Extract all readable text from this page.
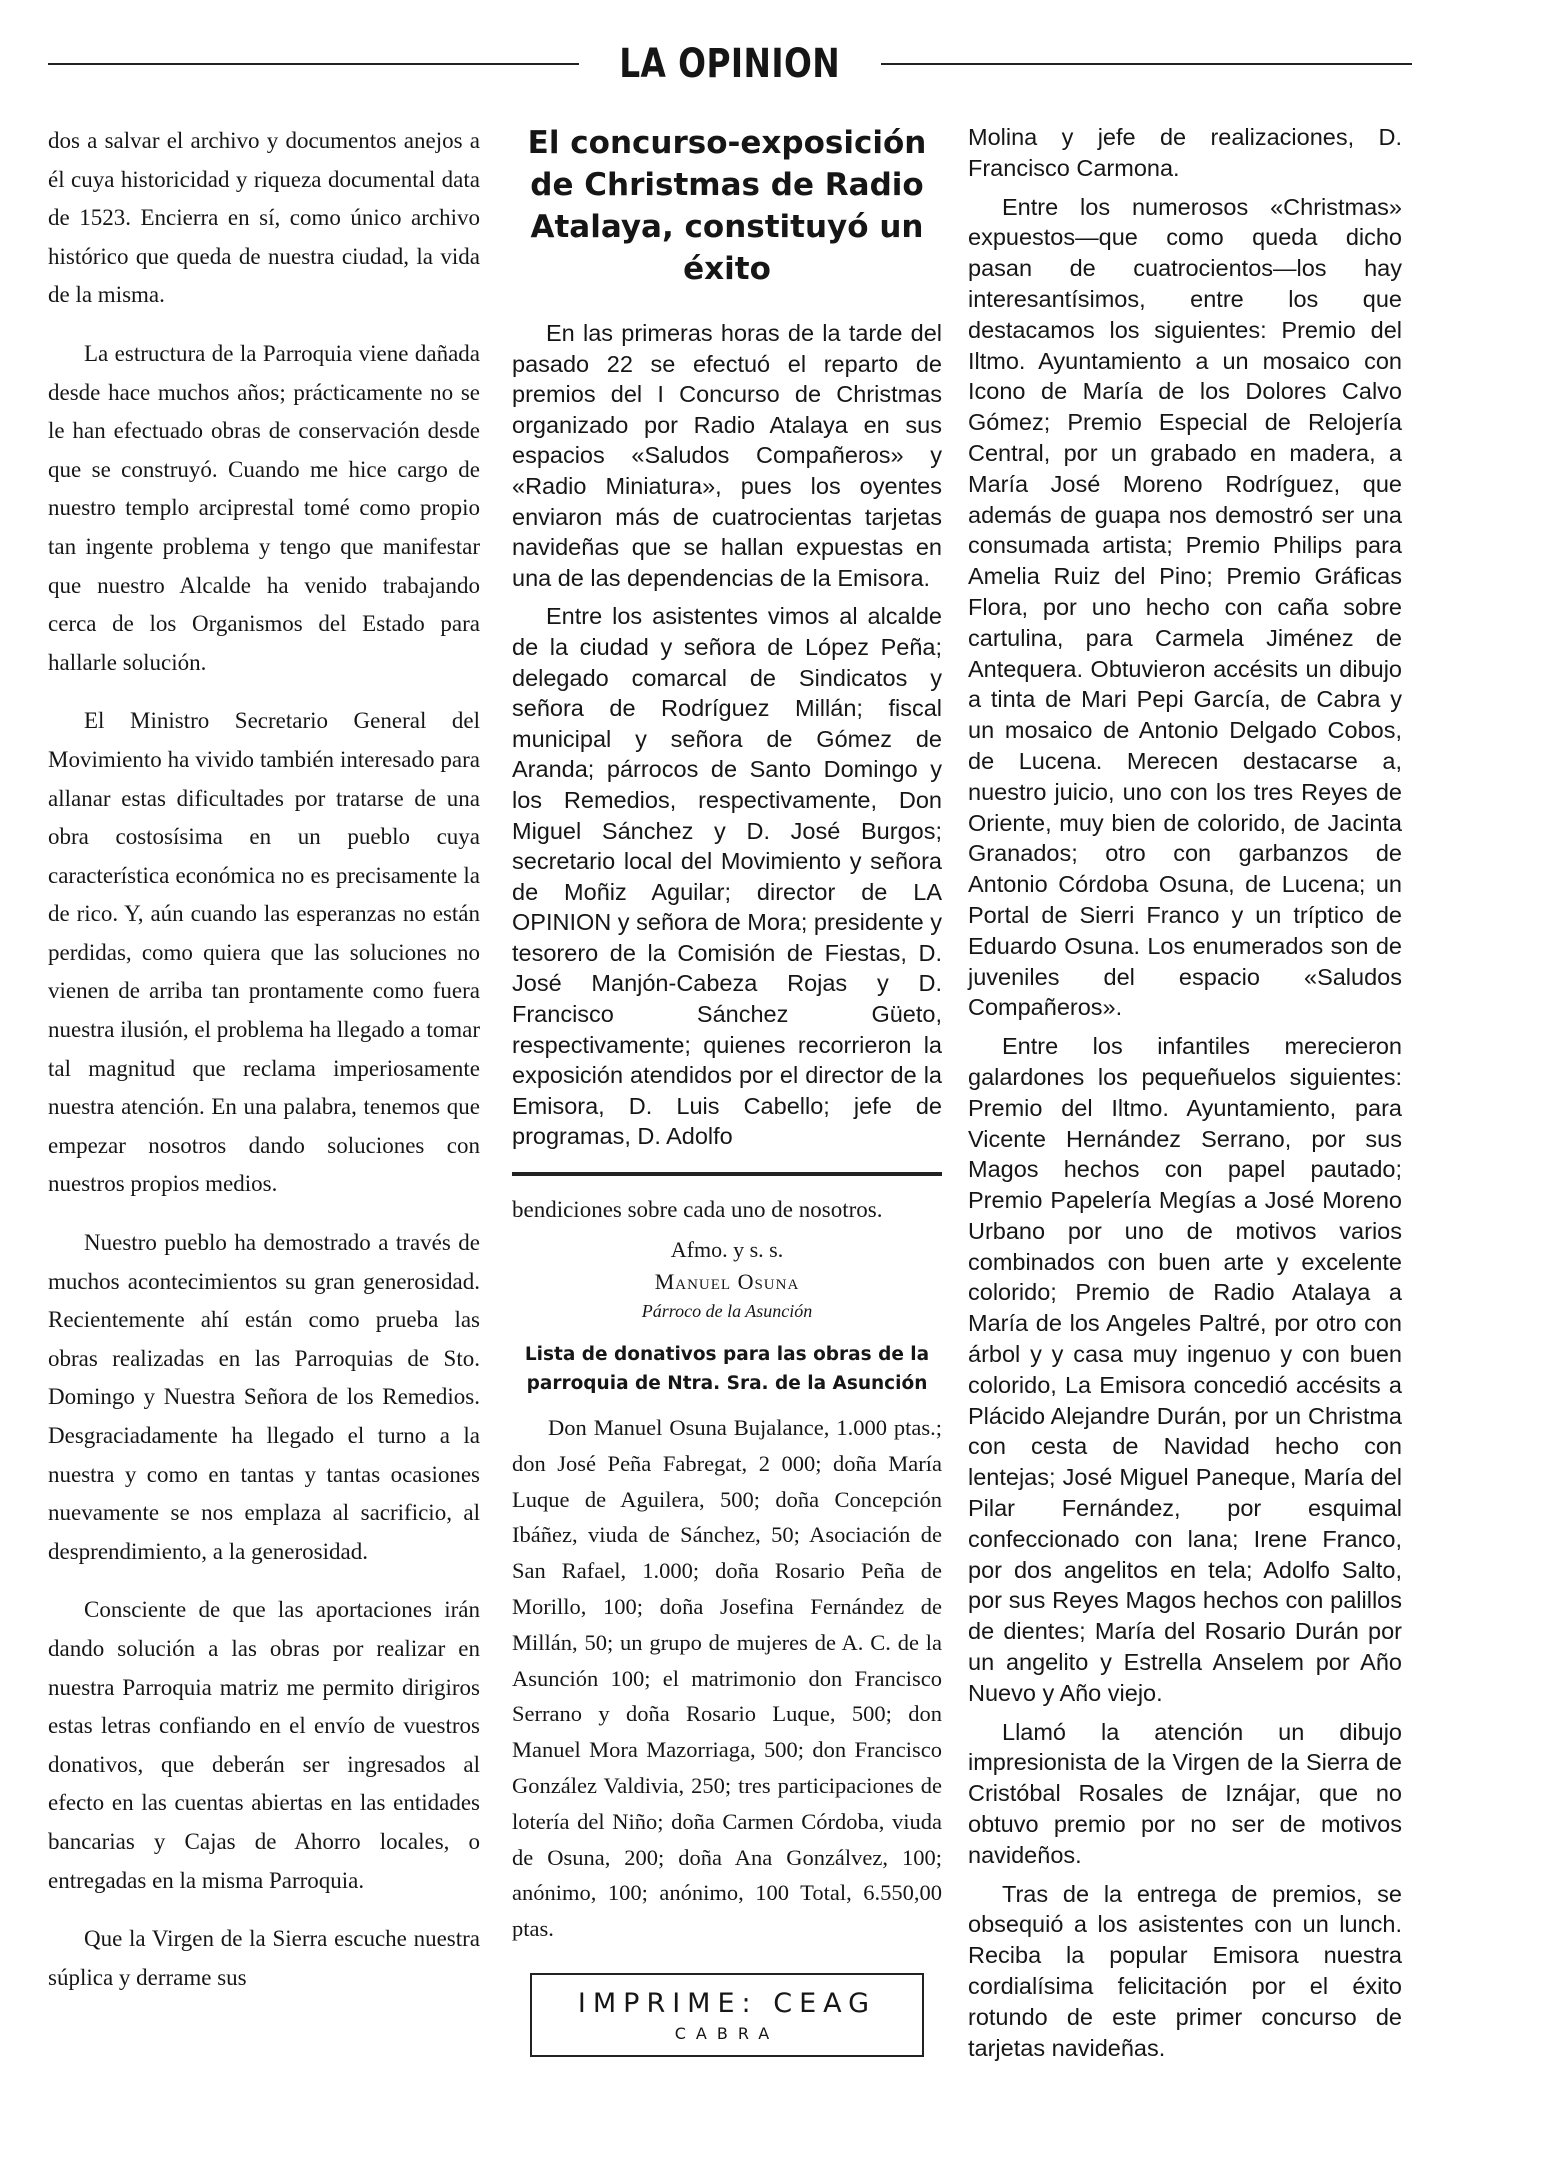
LA OPINION

dos a salvar el archivo y documentos anejos a él cuya historicidad y riqueza documental data de 1523. Encierra en sí, como único archivo histórico que queda de nuestra ciudad, la vida de la misma.

La estructura de la Parroquia viene dañada desde hace muchos años; prácticamente no se le han efectuado obras de conservación desde que se construyó. Cuando me hice cargo de nuestro templo arciprestal tomé como propio tan ingente problema y tengo que manifestar que nuestro Alcalde ha venido trabajando cerca de los Organismos del Estado para hallarle solución.

El Ministro Secretario General del Movimiento ha vivido también interesado para allanar estas dificultades por tratarse de una obra costosísima en un pueblo cuya característica económica no es precisamente la de rico. Y, aún cuando las esperanzas no están perdidas, como quiera que las soluciones no vienen de arriba tan prontamente como fuera nuestra ilusión, el problema ha llegado a tomar tal magnitud que reclama imperiosamente nuestra atención. En una palabra, tenemos que empezar nosotros dando soluciones con nuestros propios medios.

Nuestro pueblo ha demostrado a través de muchos acontecimientos su gran generosidad. Recientemente ahí están como prueba las obras realizadas en las Parroquias de Sto. Domingo y Nuestra Señora de los Remedios. Desgraciadamente ha llegado el turno a la nuestra y como en tantas y tantas ocasiones nuevamente se nos emplaza al sacrificio, al desprendimiento, a la generosidad.

Consciente de que las aportaciones irán dando solución a las obras por realizar en nuestra Parroquia matriz me permito dirigiros estas letras confiando en el envío de vuestros donativos, que deberán ser ingresados al efecto en las cuentas abiertas en las entidades bancarias y Cajas de Ahorro locales, o entregadas en la misma Parroquia.

Que la Virgen de la Sierra escuche nuestra súplica y derrame sus

El concurso-exposición de Christmas de Radio Atalaya, constituyó un éxito

En las primeras horas de la tarde del pasado 22 se efectuó el reparto de premios del I Concurso de Christmas organizado por Radio Atalaya en sus espacios «Saludos Compañeros» y «Radio Miniatura», pues los oyentes enviaron más de cuatrocientas tarjetas navideñas que se hallan expuestas en una de las dependencias de la Emisora.

Entre los asistentes vimos al alcalde de la ciudad y señora de López Peña; delegado comarcal de Sindicatos y señora de Rodríguez Millán; fiscal municipal y señora de Gómez de Aranda; párrocos de Santo Domingo y los Remedios, respectivamente, Don Miguel Sánchez y D. José Burgos; secretario local del Movimiento y señora de Moñiz Aguilar; director de LA OPINION y señora de Mora; presidente y tesorero de la Comisión de Fiestas, D. José Manjón-Cabeza Rojas y D. Francisco Sánchez Güeto, respectivamente; quienes recorrieron la exposición atendidos por el director de la Emisora, D. Luis Cabello; jefe de programas, D. Adolfo

bendiciones sobre cada uno de nosotros.

Afmo. y s. s.
Manuel Osuna
Párroco de la Asunción
Lista de donativos para las obras de la parroquia de Ntra. Sra. de la Asunción

Don Manuel Osuna Bujalance, 1.000 ptas.; don José Peña Fabregat, 2 000; doña María Luque de Aguilera, 500; doña Concepción Ibáñez, viuda de Sánchez, 50; Asociación de San Rafael, 1.000; doña Rosario Peña de Morillo, 100; doña Josefina Fernández de Millán, 50; un grupo de mujeres de A. C. de la Asunción 100; el matrimonio don Francisco Serrano y doña Rosario Luque, 500; don Manuel Mora Mazorriaga, 500; don Francisco González Valdivia, 250; tres participaciones de lotería del Niño; doña Carmen Córdoba, viuda de Osuna, 200; doña Ana Gonzálvez, 100; anónimo, 100; anónimo, 100 Total, 6.550,00 ptas.

IMPRIME: CEAG
CABRA

Molina y jefe de realizaciones, D. Francisco Carmona.

Entre los numerosos «Christmas» expuestos—que como queda dicho pasan de cuatrocientos—los hay interesantísimos, entre los que destacamos los siguientes: Premio del Iltmo. Ayuntamiento a un mosaico con Icono de María de los Dolores Calvo Gómez; Premio Especial de Relojería Central, por un grabado en madera, a María José Moreno Rodríguez, que además de guapa nos demostró ser una consumada artista; Premio Philips para Amelia Ruiz del Pino; Premio Gráficas Flora, por uno hecho con caña sobre cartulina, para Carmela Jiménez de Antequera. Obtuvieron accésits un dibujo a tinta de Mari Pepi García, de Cabra y un mosaico de Antonio Delgado Cobos, de Lucena. Merecen destacarse a, nuestro juicio, uno con los tres Reyes de Oriente, muy bien de colorido, de Jacinta Granados; otro con garbanzos de Antonio Córdoba Osuna, de Lucena; un Portal de Sierri Franco y un tríptico de Eduardo Osuna. Los enumerados son de juveniles del espacio «Saludos Compañeros».

Entre los infantiles merecieron galardones los pequeñuelos siguientes: Premio del Iltmo. Ayuntamiento, para Vicente Hernández Serrano, por sus Magos hechos con papel pautado; Premio Papelería Megías a José Moreno Urbano por uno de motivos varios combinados con buen arte y excelente colorido; Premio de Radio Atalaya a María de los Angeles Paltré, por otro con árbol y y casa muy ingenuo y con buen colorido, La Emisora concedió accésits a Plácido Alejandre Durán, por un Christma con cesta de Navidad hecho con lentejas; José Miguel Paneque, María del Pilar Fernández, por esquimal confeccionado con lana; Irene Franco, por dos angelitos en tela; Adolfo Salto, por sus Reyes Magos hechos con palillos de dientes; María del Rosario Durán por un angelito y Estrella Anselem por Año Nuevo y Año viejo.

Llamó la atención un dibujo impresionista de la Virgen de la Sierra de Cristóbal Rosales de Iznájar, que no obtuvo premio por no ser de motivos navideños.

Tras de la entrega de premios, se obsequió a los asistentes con un lunch. Reciba la popular Emisora nuestra cordialísima felicitación por el éxito rotundo de este primer concurso de tarjetas navideñas.
